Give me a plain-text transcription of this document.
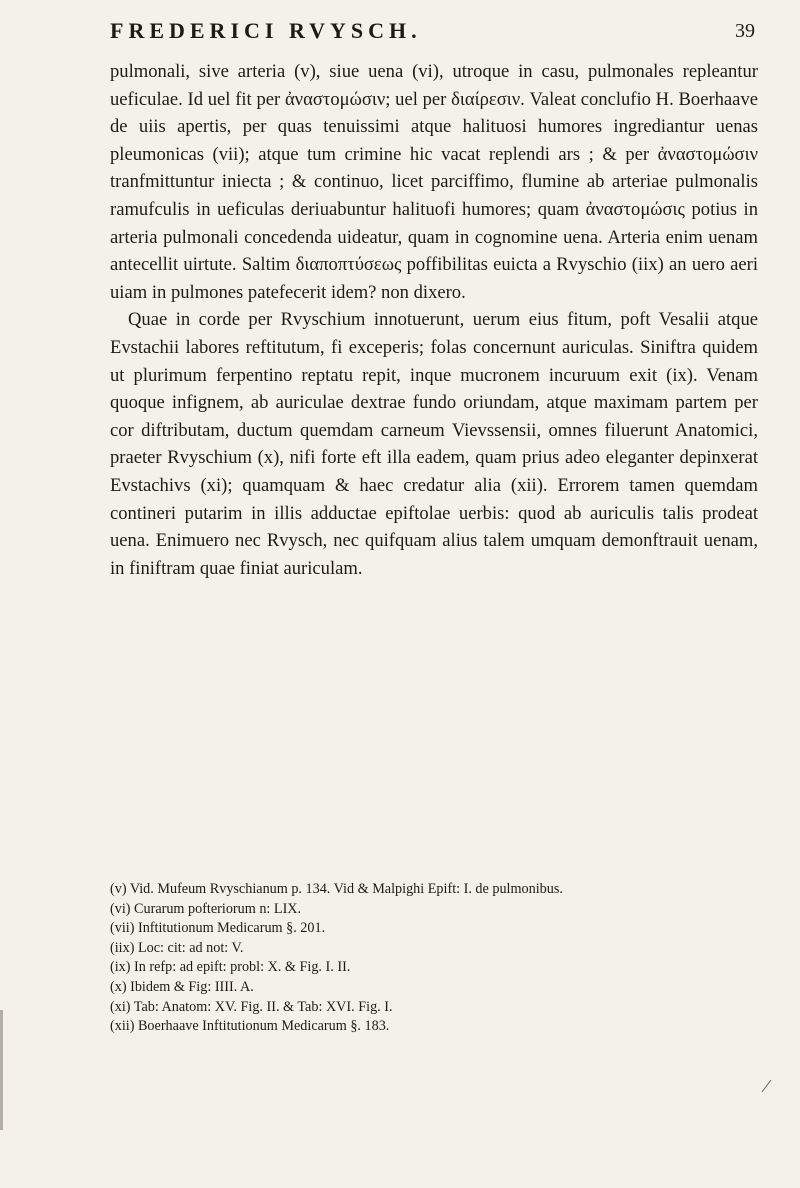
FREDERICI RVYSCH.	39

pulmonali, sive arteria (v), siue uena (vi), utroque in casu, pulmonales repleantur ueficulae. Id uel fit per ἀναστομώσιν; uel per διαίρεσιν. Valeat conclufio H. Boerhaave de uiis apertis, per quas tenuissimi atque halituosi humores ingrediantur uenas pleumonicas (vii); atque tum crimine hic vacat replendi ars ; & per ἀναστομώσιν tranfmittuntur iniecta ; & continuo, licet parciffimo, flumine ab arteriae pulmonalis ramufculis in ueficulas deriuabuntur halituofi humores; quam ἀναστομώσις potius in arteria pulmonali concedenda uideatur, quam in cognomine uena. Arteria enim uenam antecellit uirtute. Saltim διαποπτύσεως poffibilitas euicta a Rvyschio (iix) an uero aeri uiam in pulmones patefecerit idem? non dixero.

Quae in corde per Rvyschium innotuerunt, uerum eius fitum, poft Vesalii atque Evstachii labores reftitutum, fi exceperis; folas concernunt auriculas. Siniftra quidem ut plurimum ferpentino reptatu repit, inque mucronem incuruum exit (ix). Venam quoque infignem, ab auriculae dextrae fundo oriundam, atque maximam partem per cor diftributam, ductum quemdam carneum Vievssensii, omnes filuerunt Anatomici, praeter Rvyschium (x), nifi forte eft illa eadem, quam prius adeo eleganter depinxerat Evstachivs (xi); quamquam & haec credatur alia (xii). Errorem tamen quemdam contineri putarim in illis adductae epiftolae uerbis: quod ab auriculis talis prodeat uena. Enimuero nec Rvysch, nec quifquam alius talem umquam demonftrauit uenam, in finiftram quae finiat auriculam.

(v) Vid. Mufeum Rvyschianum p. 134. Vid & Malpighi Epift: I. de pulmonibus.

(vi) Curarum pofteriorum n: LIX.

(vii) Inftitutionum Medicarum §. 201.

(iix) Loc: cit: ad not: V.

(ix) In refp: ad epift: probl: X. & Fig. I. II.

(x) Ibidem & Fig: IIII. A.

(xi) Tab: Anatom: XV. Fig. II. & Tab: XVI. Fig. I.

(xii) Boerhaave Inftitutionum Medicarum §. 183.
